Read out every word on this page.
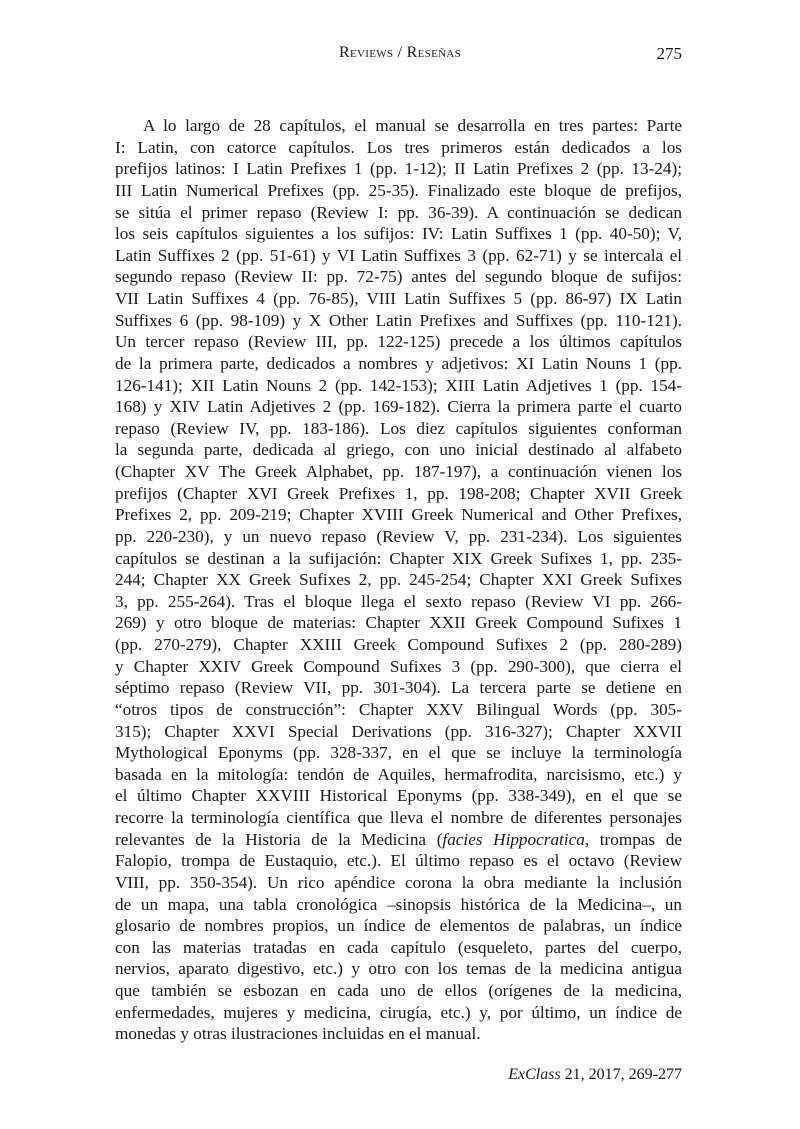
Reviews / Reseñas	275
A lo largo de 28 capítulos, el manual se desarrolla en tres partes: Parte
I: Latin, con catorce capítulos. Los tres primeros están dedicados a los
prefijos latinos: I Latin Prefixes 1 (pp. 1-12); II Latin Prefixes 2 (pp. 13-24);
III Latin Numerical Prefixes (pp. 25-35). Finalizado este bloque de prefijos,
se sitúa el primer repaso (Review I: pp. 36-39). A continuación se dedican
los seis capítulos siguientes a los sufijos: IV: Latin Suffixes 1 (pp. 40-50); V,
Latin Suffixes 2 (pp. 51-61) y VI Latin Suffixes 3 (pp. 62-71) y se intercala el
segundo repaso (Review II: pp. 72-75) antes del segundo bloque de sufijos:
VII Latin Suffixes 4 (pp. 76-85), VIII Latin Suffixes 5 (pp. 86-97) IX Latin
Suffixes 6 (pp. 98-109) y X Other Latin Prefixes and Suffixes (pp. 110-121).
Un tercer repaso (Review III, pp. 122-125) precede a los últimos capítulos
de la primera parte, dedicados a nombres y adjetivos: XI Latin Nouns 1 (pp.
126-141); XII Latin Nouns 2 (pp. 142-153); XIII Latin Adjetives 1 (pp. 154-
168) y XIV Latin Adjetives 2 (pp. 169-182). Cierra la primera parte el cuarto
repaso (Review IV, pp. 183-186). Los diez capítulos siguientes conforman
la segunda parte, dedicada al griego, con uno inicial destinado al alfabeto
(Chapter XV The Greek Alphabet, pp. 187-197), a continuación vienen los
prefijos (Chapter XVI Greek Prefixes 1, pp. 198-208; Chapter XVII Greek
Prefixes 2, pp. 209-219; Chapter XVIII Greek Numerical and Other Prefixes,
pp. 220-230), y un nuevo repaso (Review V, pp. 231-234). Los siguientes
capítulos se destinan a la sufijación: Chapter XIX Greek Sufixes 1, pp. 235-
244; Chapter XX Greek Sufixes 2, pp. 245-254; Chapter XXI Greek Sufixes
3, pp. 255-264). Tras el bloque llega el sexto repaso (Review VI pp. 266-
269) y otro bloque de materias: Chapter XXII Greek Compound Sufixes 1
(pp. 270-279), Chapter XXIII Greek Compound Sufixes 2 (pp. 280-289)
y Chapter XXIV Greek Compound Sufixes 3 (pp. 290-300), que cierra el
séptimo repaso (Review VII, pp. 301-304). La tercera parte se detiene en
“otros tipos de construcción”: Chapter XXV Bilingual Words (pp. 305-
315); Chapter XXVI Special Derivations (pp. 316-327); Chapter XXVII
Mythological Eponyms (pp. 328-337, en el que se incluye la terminología
basada en la mitología: tendón de Aquiles, hermafrodita, narcisismo, etc.) y
el último Chapter XXVIII Historical Eponyms (pp. 338-349), en el que se
recorre la terminología científica que lleva el nombre de diferentes personajes
relevantes de la Historia de la Medicina (facies Hippocratica, trompas de
Falopio, trompa de Eustaquio, etc.). El último repaso es el octavo (Review
VIII, pp. 350-354). Un rico apéndice corona la obra mediante la inclusión
de un mapa, una tabla cronológica –sinopsis histórica de la Medicina–, un
glosario de nombres propios, un índice de elementos de palabras, un índice
con las materias tratadas en cada capítulo (esqueleto, partes del cuerpo,
nervios, aparato digestivo, etc.) y otro con los temas de la medicina antigua
que también se esbozan en cada uno de ellos (orígenes de la medicina,
enfermedades, mujeres y medicina, cirugía, etc.) y, por último, un índice de
monedas y otras ilustraciones incluidas en el manual.
ExClass 21, 2017, 269-277
